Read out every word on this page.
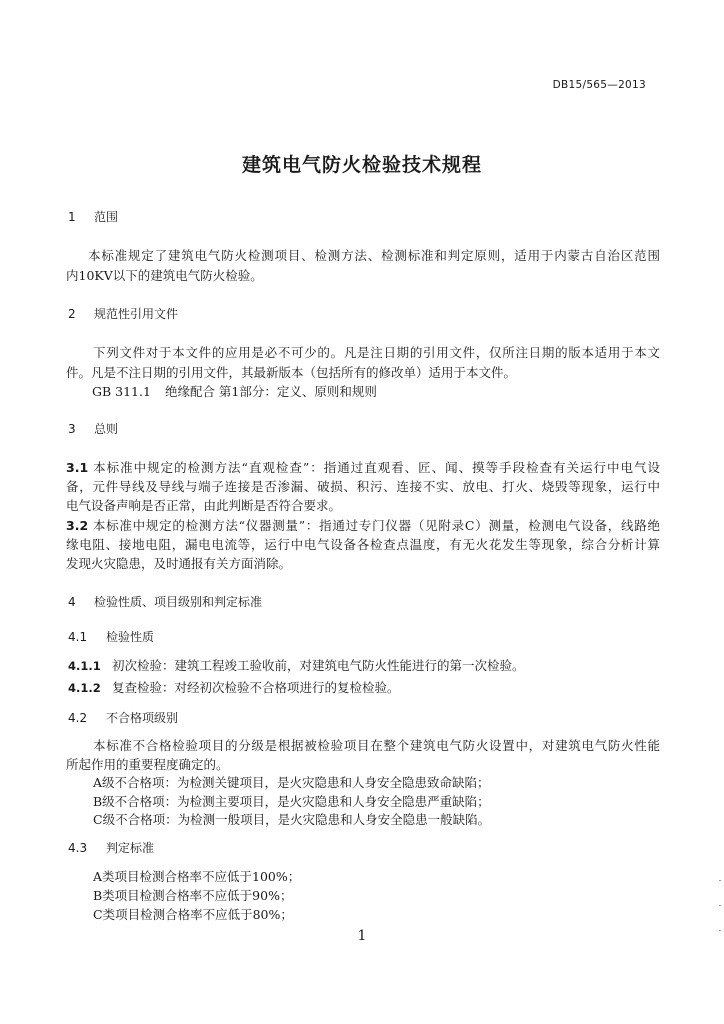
DB15/565—2013
建筑电气防火检验技术规程
1 范围
本标准规定了建筑电气防火检测项目、检测方法、检测标准和判定原则，适用于内蒙古自治区范围
内10KV以下的建筑电气防火检验。
2 规范性引用文件
下列文件对于本文件的应用是必不可少的。凡是注日期的引用文件，仅所注日期的版本适用于本文
件。凡是不注日期的引用文件，其最新版本（包括所有的修改单）适用于本文件。
GB 311.1 绝缘配合 第1部分：定义、原则和规则
3 总则
3.1 本标准中规定的检测方法“直观检查”：指通过直观看、匠、闻、摸等手段检查有关运行中电气设
备，元件导线及导线与端子连接是否渗漏、破损、积污、连接不实、放电、打火、烧毁等现象，运行中
电气设备声响是否正常，由此判断是否符合要求。
3.2 本标准中规定的检测方法“仪器测量”：指通过专门仪器（见附录C）测量，检测电气设备，线路绝
缘电阻、接地电阻，漏电电流等，运行中电气设备各检查点温度，有无火花发生等现象，综合分析计算
发现火灾隐患，及时通报有关方面消除。
4 检验性质、项目级别和判定标准
4.1 检验性质
4.1.1 初次检验：建筑工程竣工验收前，对建筑电气防火性能进行的第一次检验。
4.1.2 复查检验：对经初次检验不合格项进行的复检检验。
4.2 不合格项级别
本标准不合格检验项目的分级是根据被检验项目在整个建筑电气防火设置中，对建筑电气防火性能
所起作用的重要程度确定的。
A级不合格项：为检测关键项目，是火灾隐患和人身安全隐患致命缺陷；
B级不合格项：为检测主要项目，是火灾隐患和人身安全隐患严重缺陷；
C级不合格项：为检测一般项目，是火灾隐患和人身安全隐患一般缺陷。
4.3 判定标准
A类项目检测合格率不应低于100%；
B类项目检测合格率不应低于90%；
C类项目检测合格率不应低于80%；
1
